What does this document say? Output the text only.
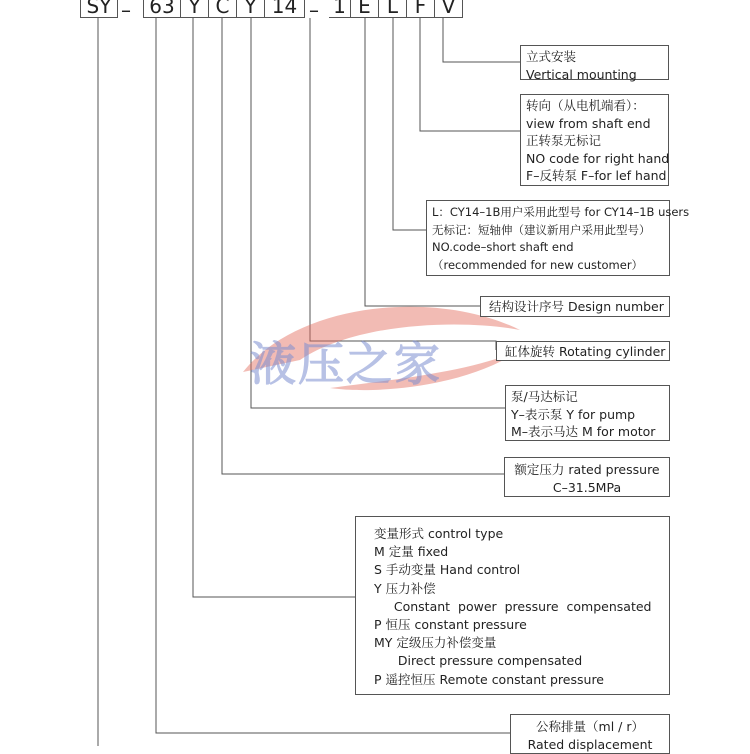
液压之家
SY – 63 Y C Y 14 – 1 E L F V
立式安装
Vertical mounting
转向（从电机端看）：
view from shaft end
正转泵无标记
NO code for right hand
F–反转泵 F–for lef hand
L：CY14–1B用户采用此型号 for CY14–1B users
无标记：短轴伸（建议新用户采用此型号）
NO.code–short shaft end
（recommended for new customer）
结构设计序号 Design number
缸体旋转 Rotating cylinder
泵/马达标记
Y–表示泵 Y for pump
M–表示马达 M for motor
额定压力 rated pressure
C–31.5MPa
变量形式 control type
M 定量 fixed
S 手动变量 Hand control
Y 压力补偿
Constant  power  pressure  compensated
P 恒压 constant pressure
MY 定级压力补偿变量
Direct pressure compensated
P 遥控恒压 Remote constant pressure
公称排量（ml / r）
Rated displacement
